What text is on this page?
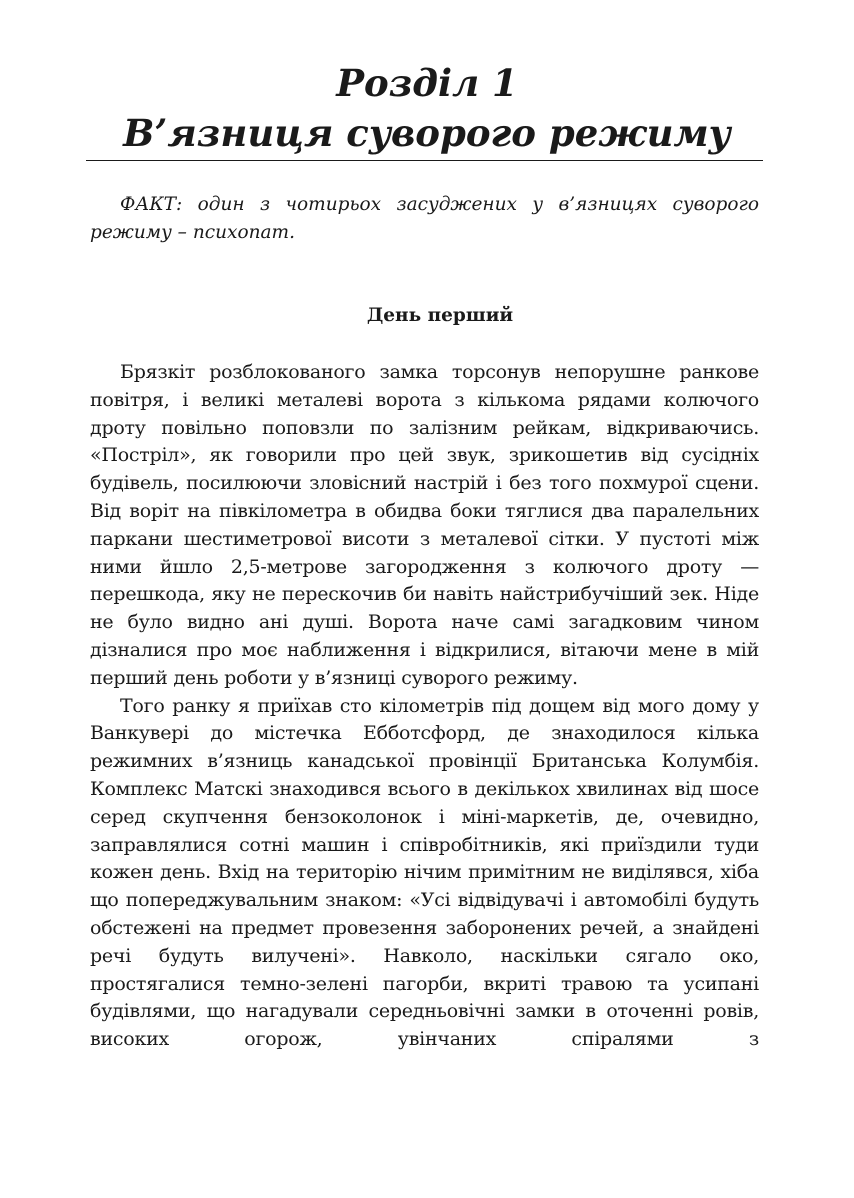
Розділ 1
В’язниця суворого режиму

ФАКТ: один з чотирьох засуджених у в’язницях суворого режиму – психопат.

День перший

Брязкіт розблокованого замка торсонув непорушне ранкове повітря, і великі металеві ворота з кількома рядами колючого дроту повільно поповзли по залізним рейкам, відкриваючись. «Постріл», як говорили про цей звук, зрикошетив від сусідніх будівель, посилюючи зловісний настрій і без того похмурої сцени. Від воріт на півкілометра в обидва боки тяглися два паралельних паркани шестиметрової висоти з металевої сітки. У пустоті між ними йшло 2,5-метрове загородження з колючого дроту — перешкода, яку не перескочив би навіть найстрибучіший зек. Ніде не було видно ані душі. Ворота наче самі загадковим чином дізналися про моє наближення і відкрилися, вітаючи мене в мій перший день роботи у в’язниці суворого режиму.

Того ранку я приїхав сто кілометрів під дощем від мого дому у Ванкувері до містечка Еббoтсфорд, де знаходилося кілька режимних в’язниць канадської провінції Британська Колумбія. Комплекс Матскі знаходився всього в декількох хвилинах від шосе серед скупчення бензоколонок і міні-маркетів, де, очевидно, заправлялися сотні машин і співробітників, які приїздили туди кожен день. Вхід на територію нічим примітним не виділявся, хіба що попереджувальним знаком: «Усі відвідувачі і автомобілі будуть обстежені на предмет провезення заборонених речей, а знайдені речі будуть вилучені». Навколо, наскільки сягало око, простягалися темно-зелені пагорби, вкриті травою та усипані будівлями, що нагадували середньовічні замки в оточенні ровів, високих огорож, увінчаних спіралями з
